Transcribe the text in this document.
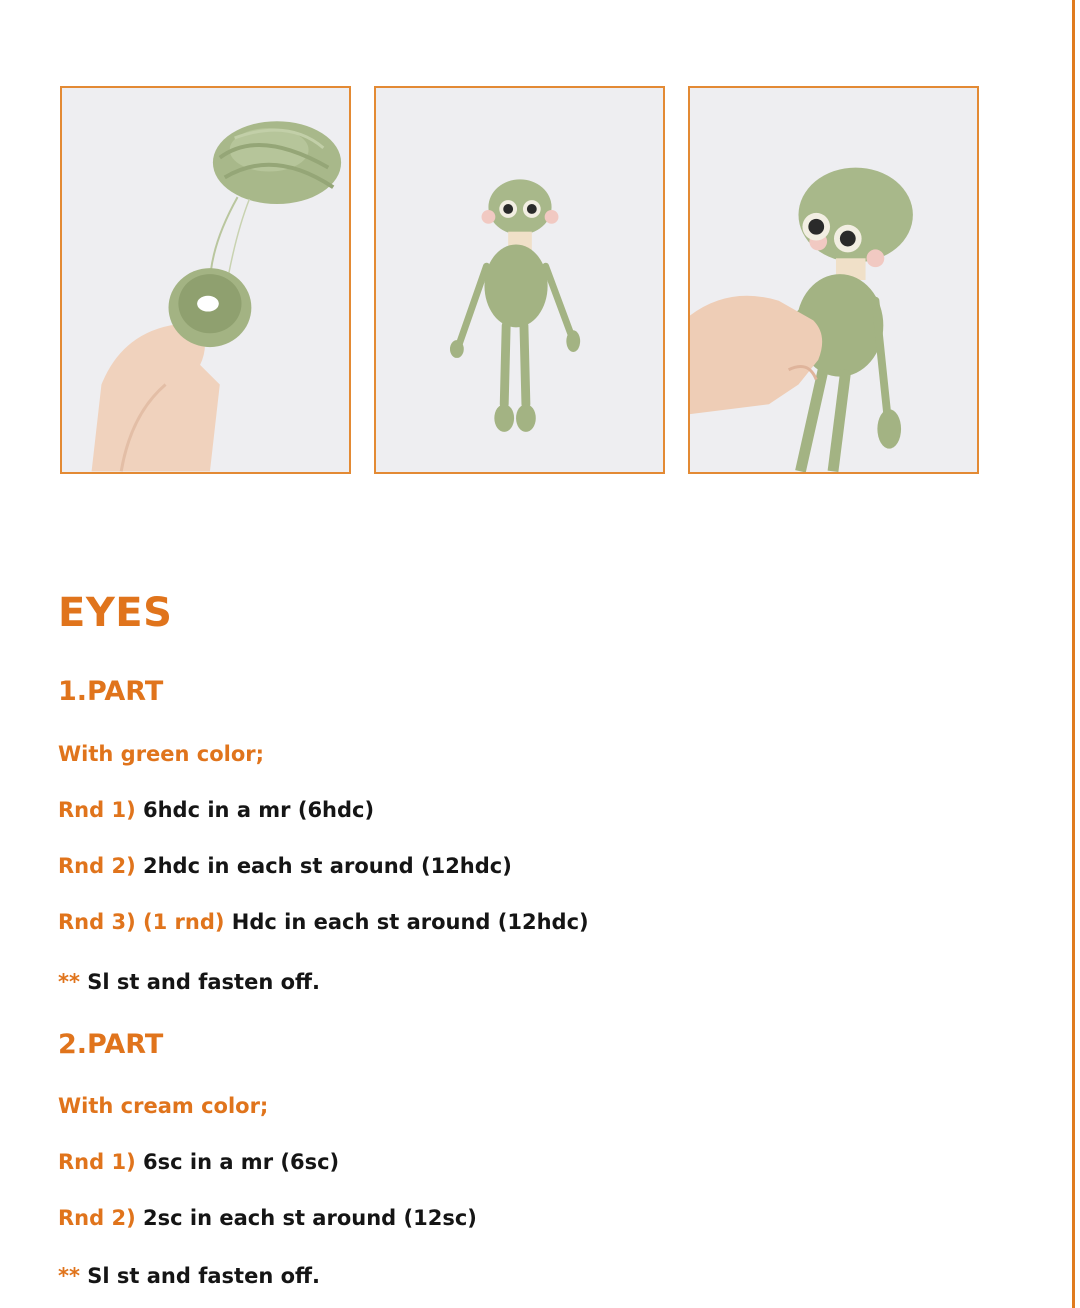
EYES
1.PART
With green color;
Rnd 1) 6hdc in a mr (6hdc)
Rnd 2) 2hdc in each st around (12hdc)
Rnd 3) (1 rnd) Hdc in each st around (12hdc)
** Sl st and fasten off.
2.PART
With cream color;
Rnd 1) 6sc in a mr (6sc)
Rnd 2) 2sc in each st around (12sc)
** Sl st and fasten off.
